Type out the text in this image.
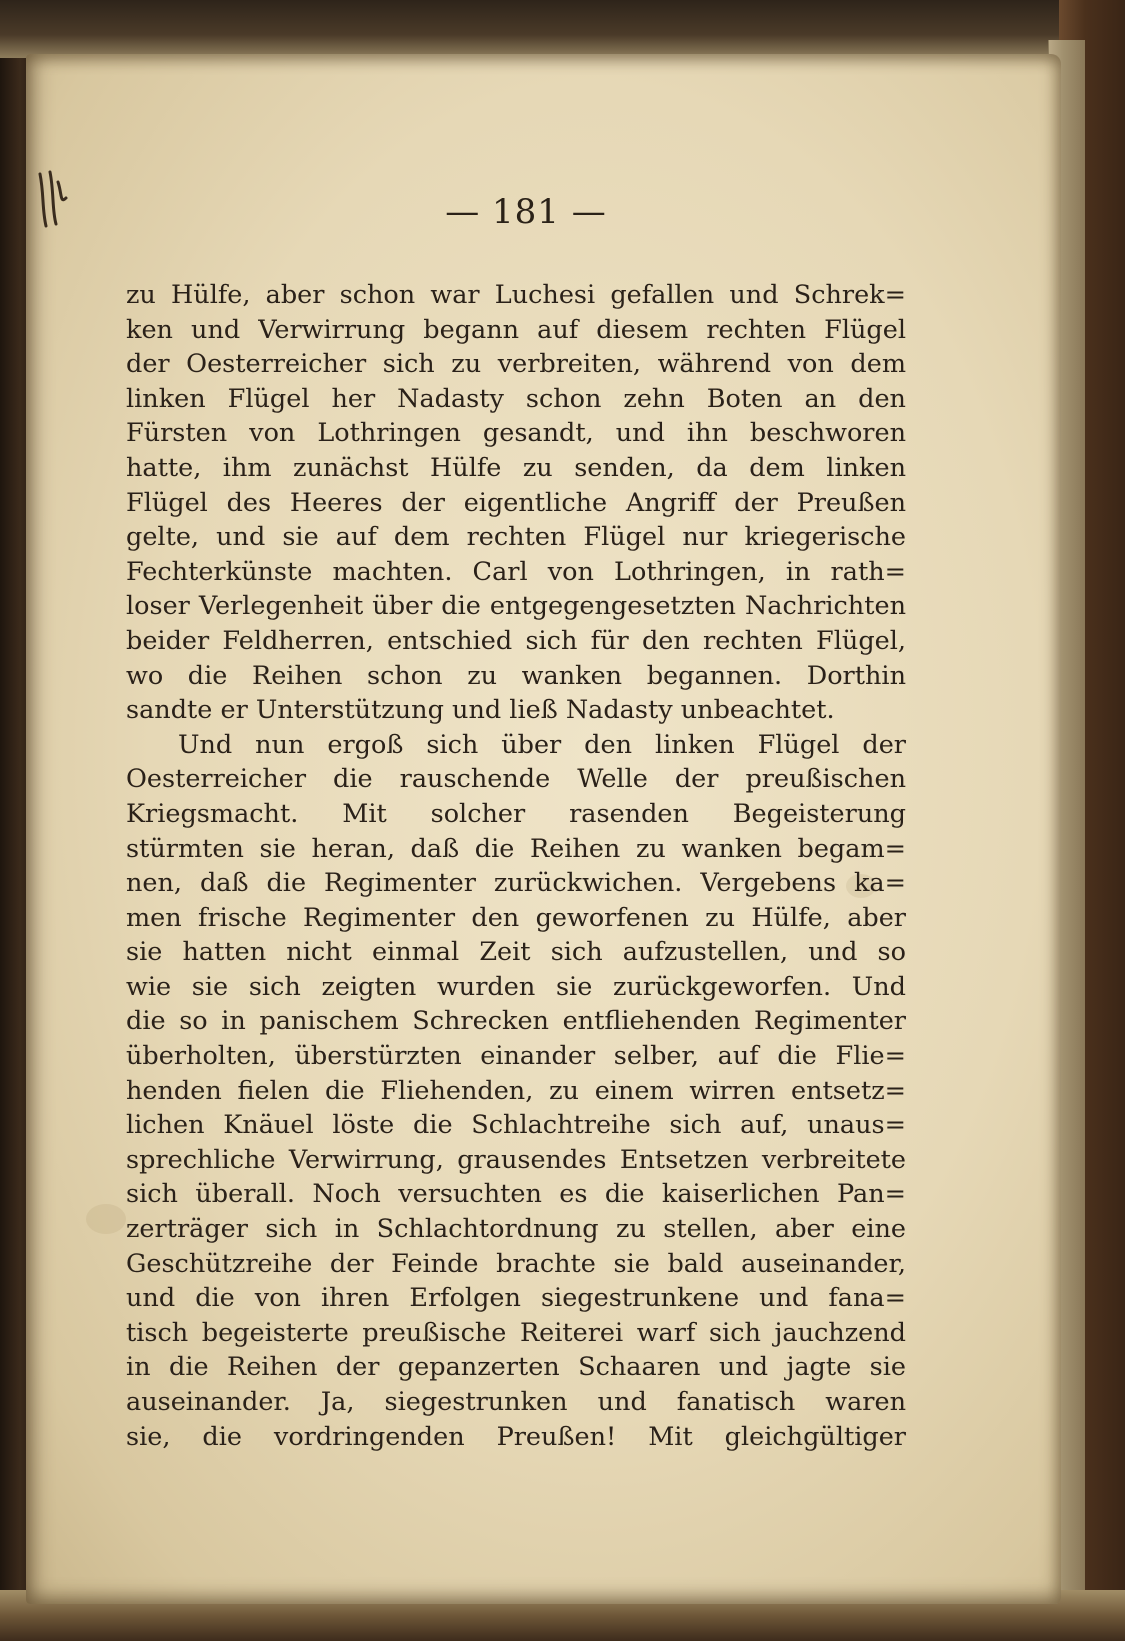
— 181 —
zu Hülfe, aber schon war Luchesi gefallen und Schrek=
ken und Verwirrung begann auf diesem rechten Flügel
der Oesterreicher sich zu verbreiten, während von dem
linken Flügel her Nadasty schon zehn Boten an den
Fürsten von Lothringen gesandt, und ihn beschworen
hatte, ihm zunächst Hülfe zu senden, da dem linken
Flügel des Heeres der eigentliche Angriff der Preußen
gelte, und sie auf dem rechten Flügel nur kriegerische
Fechterkünste machten. Carl von Lothringen, in rath=
loser Verlegenheit über die entgegengesetzten Nachrichten
beider Feldherren, entschied sich für den rechten Flügel,
wo die Reihen schon zu wanken begannen. Dorthin
sandte er Unterstützung und ließ Nadasty unbeachtet.
Und nun ergoß sich über den linken Flügel der
Oesterreicher die rauschende Welle der preußischen
Kriegsmacht. Mit solcher rasenden Begeisterung
stürmten sie heran, daß die Reihen zu wanken begam=
nen, daß die Regimenter zurückwichen. Vergebens ka=
men frische Regimenter den geworfenen zu Hülfe, aber
sie hatten nicht einmal Zeit sich aufzustellen, und so
wie sie sich zeigten wurden sie zurückgeworfen. Und
die so in panischem Schrecken entfliehenden Regimenter
überholten, überstürzten einander selber, auf die Flie=
henden fielen die Fliehenden, zu einem wirren entsetz=
lichen Knäuel löste die Schlachtreihe sich auf, unaus=
sprechliche Verwirrung, grausendes Entsetzen verbreitete
sich überall. Noch versuchten es die kaiserlichen Pan=
zerträger sich in Schlachtordnung zu stellen, aber eine
Geschützreihe der Feinde brachte sie bald auseinander,
und die von ihren Erfolgen siegestrunkene und fana=
tisch begeisterte preußische Reiterei warf sich jauchzend
in die Reihen der gepanzerten Schaaren und jagte sie
auseinander. Ja, siegestrunken und fanatisch waren
sie, die vordringenden Preußen! Mit gleichgültiger
